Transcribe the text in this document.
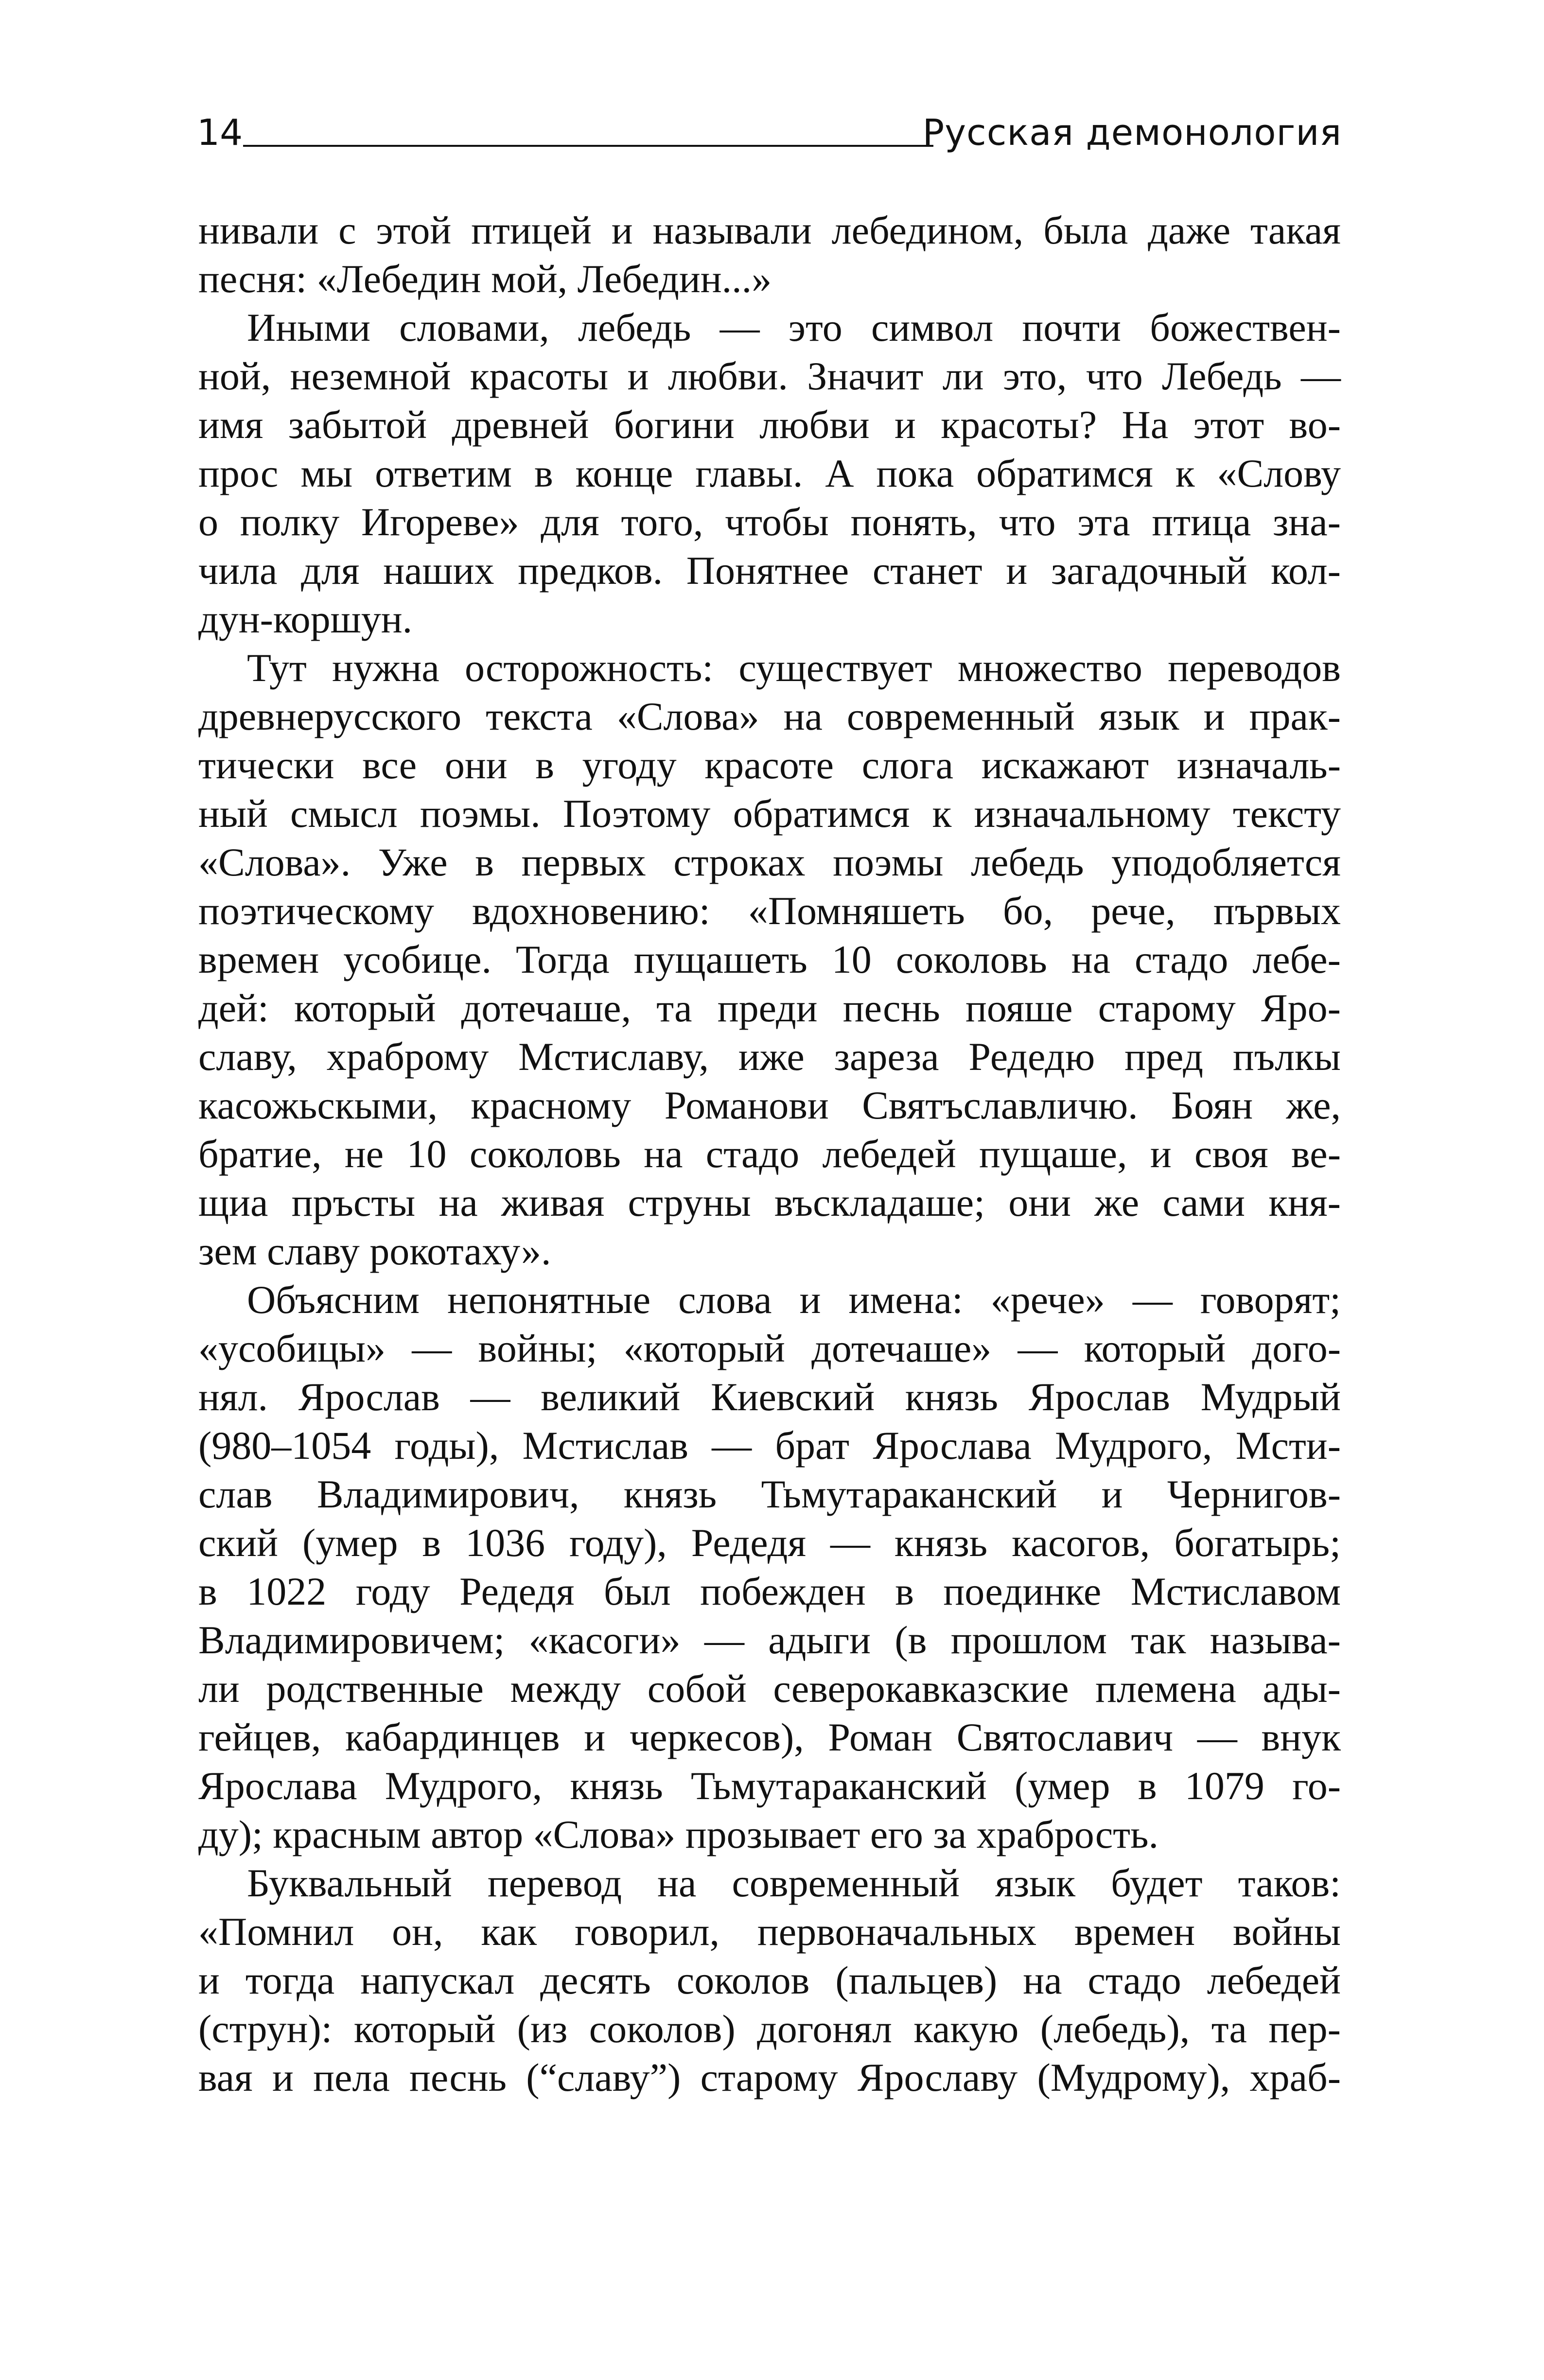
14	Русская демонология

нивали с этой птицей и называли лебедином, была даже такая
песня: «Лебедин мой, Лебедин...»

Иными словами, лебедь — это символ почти божествен-
ной, неземной красоты и любви. Значит ли это, что Лебедь —
имя забытой древней богини любви и красоты? На этот во-
прос мы ответим в конце главы. А пока обратимся к «Слову
о полку Игореве» для того, чтобы понять, что эта птица зна-
чила для наших предков. Понятнее станет и загадочный кол-
дун-коршун.

Тут нужна осторожность: существует множество переводов
древнерусского текста «Слова» на современный язык и прак-
тически все они в угоду красоте слога искажают изначаль-
ный смысл поэмы. Поэтому обратимся к изначальному тексту
«Слова». Уже в первых строках поэмы лебедь уподобляется
поэтическому вдохновению: «Помняшеть бо, рече, първых
времен усобице. Тогда пущашеть 10 соколовь на стадо лебе-
дей: который дотечаше, та преди песнь пояше старому Яро-
славу, храброму Мстиславу, иже зареза Редедю пред пълкы
касожьскыми, красному Романови Святъславличю. Боян же,
братие, не 10 соколовь на стадо лебедей пущаше, и своя ве-
щиа пръсты на живая струны въскладаше; они же сами кня-
зем славу рокотаху».

Объясним непонятные слова и имена: «рече» — говорят;
«усобицы» — войны; «который дотечаше» — который дого-
нял. Ярослав — великий Киевский князь Ярослав Мудрый
(980–1054 годы), Мстислав — брат Ярослава Мудрого, Мсти-
слав Владимирович, князь Тьмутараканский и Чернигов-
ский (умер в 1036 году), Редедя — князь касогов, богатырь;
в 1022 году Редедя был побежден в поединке Мстиславом
Владимировичем; «касоги» — адыги (в прошлом так называ-
ли родственные между собой северокавказские племена ады-
гейцев, кабардинцев и черкесов), Роман Святославич — внук
Ярослава Мудрого, князь Тьмутараканский (умер в 1079 го-
ду); красным автор «Слова» прозывает его за храбрость.

Буквальный перевод на современный язык будет таков:
«Помнил он, как говорил, первоначальных времен войны
и тогда напускал десять соколов (пальцев) на стадо лебедей
(струн): который (из соколов) догонял какую (лебедь), та пер-
вая и пела песнь (“славу”) старому Ярославу (Мудрому), храб-
